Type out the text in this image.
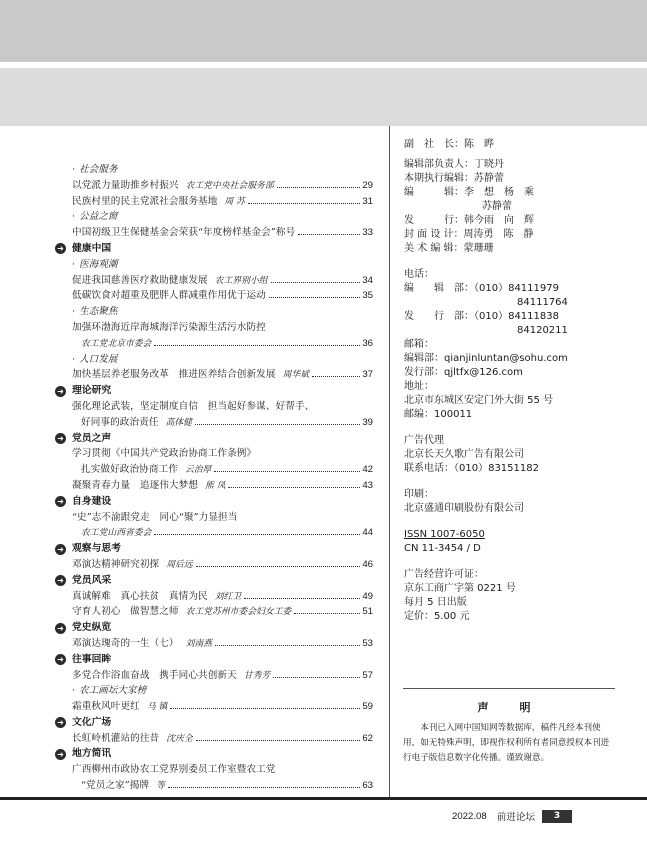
· 社会服务
以党派力量助推乡村振兴 农工党中央社会服务部	29
民族村里的民主党派社会服务基地 周 苏	31
· 公益之窗
中国初级卫生保健基金会荣获“年度榜样基金会”称号	33
➜ 健康中国
· 医海观潮
促进我国慈善医疗救助健康发展 农工界别小组	34
低碳饮食对超重及肥胖人群减重作用优于运动	35
· 生态聚焦
加强环渤海近岸海城海洋污染源生活污水防控
农工党北京市委会	36
· 人口发展
加快基层养老服务改革　推进医养结合创新发展 周华斌	37
➜ 理论研究
强化理论武装，坚定制度自信　担当起好参谋、好帮手、
好同事的政治责任 高体健	39
➜ 党员之声
学习贯彻《中国共产党政治协商工作条例》
扎实做好政治协商工作 云治厚	42
凝聚青春力量　追逐伟大梦想 熊 凤	43
➜ 自身建设
“史”志不渝跟党走　同心“聚”力显担当
农工党山西省委会	44
➜ 观察与思考
邓演达精神研究初探 周后远	46
➜ 党员风采
真诚解难　真心扶贫　真情为民 刘红卫	49
守育人初心　做智慧之师 农工党苏州市委会妇女工委	51
➜ 党史纵览
邓演达瑰奇的一生（七） 刘南燕	53
➜ 往事回眸
多党合作浴血奋战　携手同心共创新天 甘秀芳	57
· 农工画坛大家榜
霜重秋风叶更红 马 镇	59
➜ 文化广场
长虹岭机灌站的往昔 沈庆全	62
➜ 地方简讯
广西柳州市政协农工党界别委员工作室暨农工党
“党员之家”揭牌 等	63
副　社　长：陈　晔
编辑部负责人：丁晓丹
本期执行编辑：苏静蕾
编　　　辑：李　想　杨　乘
苏静蕾
发　　　行：韩今雨　向　辉
封 面 设 计：周涛勇　陈　静
美 术 编 辑：蒙珊珊
电话：
编　　辑　部：（010）84111979
84111764
发　　行　部：（010）84111838
84120211
邮箱：
编辑部：qianjinluntan@sohu.com
发行部：qjltfx@126.com
地址：
北京市东城区安定门外大街 55 号
邮编：100011
广告代理
北京长天久歌广告有限公司
联系电话：（010）83151182
印刷：
北京盛通印刷股份有限公司
ISSN 1007-6050
CN 11-3454 / D
广告经营许可证：
京东工商广字第 0221 号
每月 5 日出版
定价：5.00 元
声　明
本刊已入网中国知网等数据库，稿件凡经本刊使用，如无特殊声明，即视作权利所有者同意授权本刊进行电子版信息数字化传播。谨致谢意。
2022.08 前进论坛	3
